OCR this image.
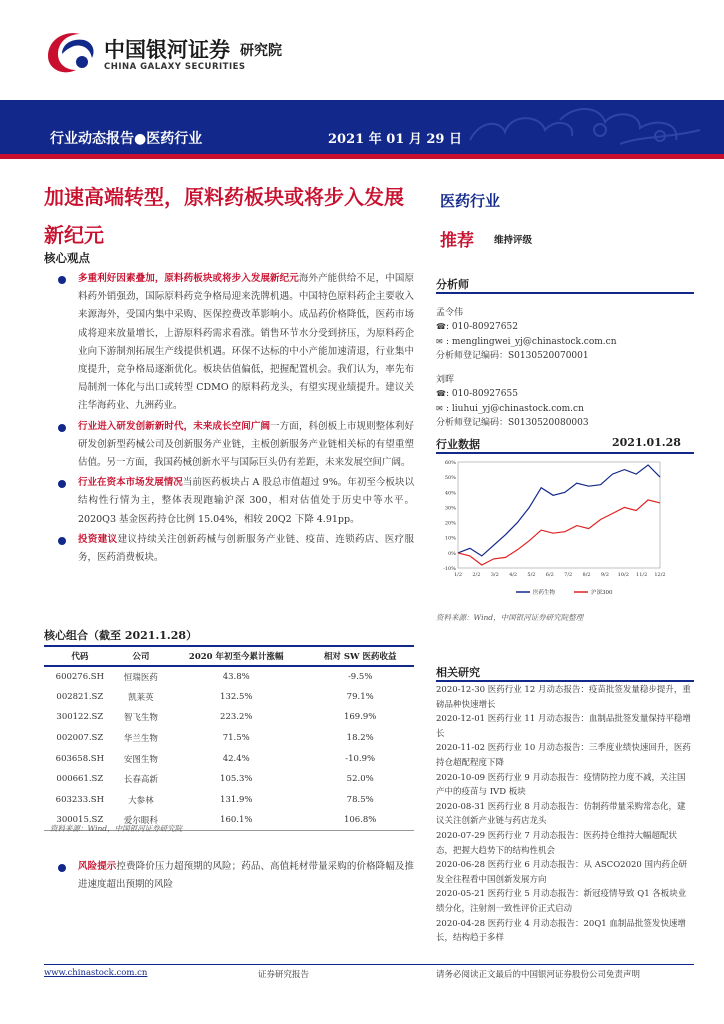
中国银河证券 研究院
CHINA GALAXY SECURITIES
行业动态报告●医药行业	2021 年 01 月 29 日
加速高端转型，原料药板块或将步入发展新纪元
医药行业
推荐 维持评级
核心观点
多重利好因素叠加，原料药板块或将步入发展新纪元海外产能供给不足，中国原料药外销强劲，国际原料药竞争格局迎来洗牌机遇。中国特色原料药企主要收入来源海外，受国内集中采购、医保控费改革影响小。成品药价格降低，医药市场成将迎来放量增长，上游原料药需求看涨。销售环节水分受到挤压，为原料药企业向下游制剂拓展生产线提供机遇。环保不达标的中小产能加速清退，行业集中度提升，竞争格局逐渐优化。板块估值偏低，把握配置机会。我们认为，率先布局制剂一体化与出口或转型 CDMO 的原料药龙头，有望实现业绩提升。建议关注华海药业、九洲药业。
行业进入研发创新新时代，未来成长空间广阔一方面，科创板上市规则整体利好研发创新型药械公司及创新服务产业链，主板创新服务产业链相关标的有望重塑估值。另一方面，我国药械创新水平与国际巨头仍有差距，未来发展空间广阔。
行业在资本市场发展情况当前医药板块占 A 股总市值超过 9%。年初至今板块以结构性行情为主，整体表现跑输沪深 300，相对估值处于历史中等水平。2020Q3 基金医药持仓比例 15.04%，相较 20Q2 下降 4.91pp。
投资建议建议持续关注创新药械与创新服务产业链、疫苗、连锁药店、医疗服务，医药消费板块。
分析师
孟令伟
☎: 010-80927652
✉ : menglingwei_yj@chinastock.com.cn
分析师登记编码：S0130520070001
刘晖
☎: 010-80927655
✉ : liuhui_yj@chinastock.com.cn
分析师登记编码：S0130520080003
行业数据	2021.01.28
60%
50%
40%
30%
20%
10%
0%
-10%
1/2 2/2 3/2 4/2 5/2 6/2 7/2 8/2 9/2 10/2 11/2 12/2
医药生物	沪深300
资料来源：Wind，中国银河证券研究院整理
核心组合（截至 2021.1.28）
代码	公司	2020 年初至今累计涨幅	相对 SW 医药收益
600276.SH	恒瑞医药	43.8%	-9.5%
002821.SZ	凯莱英	132.5%	79.1%
300122.SZ	智飞生物	223.2%	169.9%
002007.SZ	华兰生物	71.5%	18.2%
603658.SH	安图生物	42.4%	-10.9%
000661.SZ	长春高新	105.3%	52.0%
603233.SH	大参林	131.9%	78.5%
300015.SZ	爱尔眼科	160.1%	106.8%
资料来源：Wind，中国银河证券研究院
风险提示控费降价压力超预期的风险；药品、高值耗材带量采购的价格降幅及推进速度超出预期的风险
相关研究
2020-12-30 医药行业 12 月动态报告：疫苗批签发量稳步提升，重磅品种快速增长
2020-12-01 医药行业 11 月动态报告：血制品批签发量保持平稳增长
2020-11-02 医药行业 10 月动态报告：三季度业绩快速回升，医药持仓超配程度下降
2020-10-09 医药行业 9 月动态报告：疫情防控力度不减，关注国产中的疫苗与 IVD 板块
2020-08-31 医药行业 8 月动态报告：仿制药带量采购常态化，建议关注创新产业链与药店龙头
2020-07-29 医药行业 7 月动态报告：医药持仓维持大幅超配状态，把握大趋势下的结构性机会
2020-06-28 医药行业 6 月动态报告：从 ASCO2020 国内药企研发全往程看中国创新发展方向
2020-05-21 医药行业 5 月动态报告：新冠疫情导致 Q1 各板块业绩分化，注射剂一致性评价正式启动
2020-04-28 医药行业 4 月动态报告：20Q1 血制品批签发快速增长，结构趋于多样
www.chinastock.com.cn	证券研究报告	请务必阅读正文最后的中国银河证券股份公司免责声明
